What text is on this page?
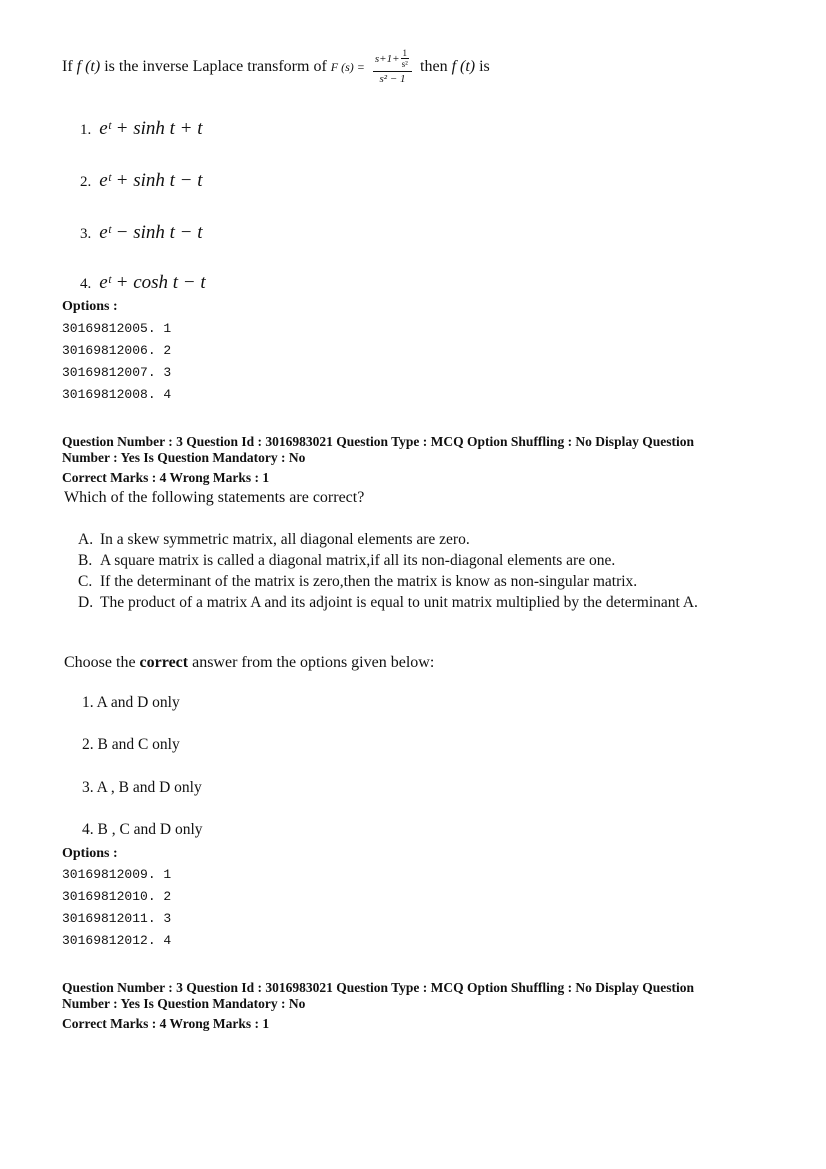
If f (t) is the inverse Laplace transform of F $(s) = \frac{s+1+ \frac{1}{\text{s²}}}{\text{s² − 1}}$ then f (t) is
1. eᵗ + sinh t + t
2. eᵗ + sinh t − t
3. eᵗ − sinh t − t
4. eᵗ + cosh t − t
Options :
30169812005. 1
30169812006. 2
30169812007. 3
30169812008. 4
Question Number : 3 Question Id : 3016983021 Question Type : MCQ Option Shuffling : No Display Question
Number : Yes Is Question Mandatory : No
Correct Marks : 4 Wrong Marks : 1
Which of the following statements are correct?
A. In a skew symmetric matrix, all diagonal elements are zero.
B. A square matrix is called a diagonal matrix,if all its non-diagonal elements are one.
C. If the determinant of the matrix is zero,then the matrix is know as non-singular matrix.
D. The product of a matrix A and its adjoint is equal to unit matrix multiplied by the determinant A.
Choose the correct answer from the options given below:
1. A and D only
2. B and C only
3. A , B and D only
4. B , C and D only
Options :
30169812009. 1
30169812010. 2
30169812011. 3
30169812012. 4
Question Number : 3 Question Id : 3016983021 Question Type : MCQ Option Shuffling : No Display Question
Number : Yes Is Question Mandatory : No
Correct Marks : 4 Wrong Marks : 1
